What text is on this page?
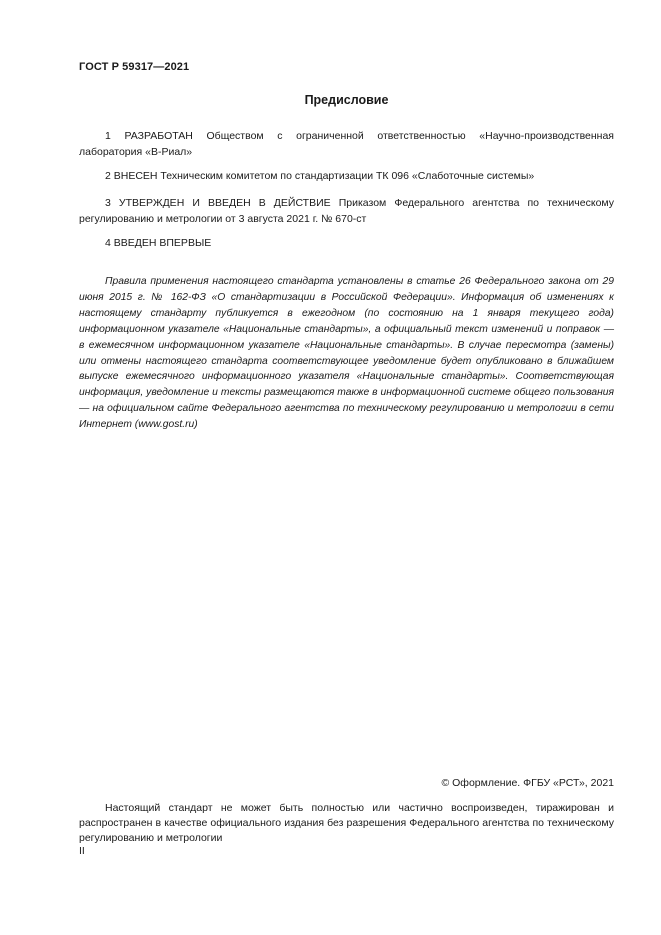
ГОСТ Р 59317—2021
Предисловие
1 РАЗРАБОТАН Обществом с ограниченной ответственностью «Научно-производственная лаборатория «В-Риал»
2 ВНЕСЕН Техническим комитетом по стандартизации ТК 096 «Слаботочные системы»
3 УТВЕРЖДЕН И ВВЕДЕН В ДЕЙСТВИЕ Приказом Федерального агентства по техническому регулированию и метрологии от 3 августа 2021 г. № 670-ст
4 ВВЕДЕН ВПЕРВЫЕ
Правила применения настоящего стандарта установлены в статье 26 Федерального закона от 29 июня 2015 г. № 162-ФЗ «О стандартизации в Российской Федерации». Информация об изменениях к настоящему стандарту публикуется в ежегодном (по состоянию на 1 января текущего года) информационном указателе «Национальные стандарты», а официальный текст изменений и поправок — в ежемесячном информационном указателе «Национальные стандарты». В случае пересмотра (замены) или отмены настоящего стандарта соответствующее уведомление будет опубликовано в ближайшем выпуске ежемесячного информационного указателя «Национальные стандарты». Соответствующая информация, уведомление и тексты размещаются также в информационной системе общего пользования — на официальном сайте Федерального агентства по техническому регулированию и метрологии в сети Интернет (www.gost.ru)
© Оформление. ФГБУ «РСТ», 2021
Настоящий стандарт не может быть полностью или частично воспроизведен, тиражирован и распространен в качестве официального издания без разрешения Федерального агентства по техническому регулированию и метрологии
II
